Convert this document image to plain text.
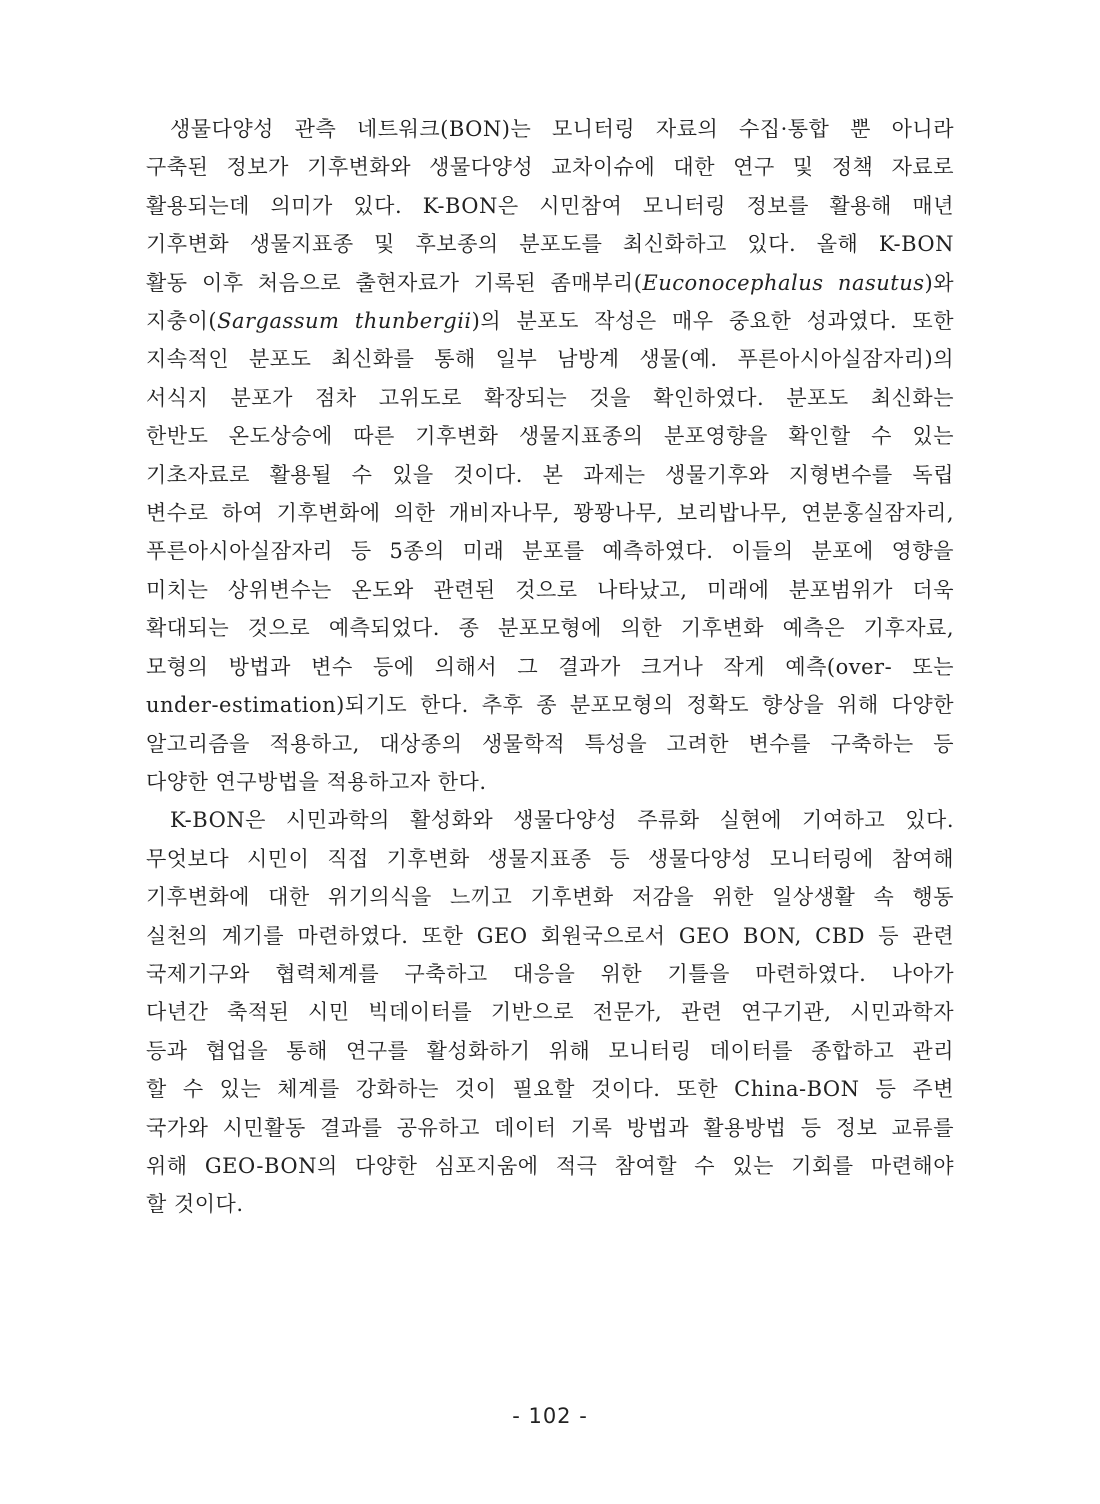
생물다양성 관측 네트워크(BON)는 모니터링 자료의 수집·통합 뿐 아니라
구축된 정보가 기후변화와 생물다양성 교차이슈에 대한 연구 및 정책 자료로
활용되는데 의미가 있다. K-BON은 시민참여 모니터링 정보를 활용해 매년
기후변화 생물지표종 및 후보종의 분포도를 최신화하고 있다. 올해 K-BON
활동 이후 처음으로 출현자료가 기록된 좀매부리(Euconocephalus nasutus)와
지충이(Sargassum thunbergii)의 분포도 작성은 매우 중요한 성과였다. 또한
지속적인 분포도 최신화를 통해 일부 남방계 생물(예. 푸른아시아실잠자리)의
서식지 분포가 점차 고위도로 확장되는 것을 확인하였다. 분포도 최신화는
한반도 온도상승에 따른 기후변화 생물지표종의 분포영향을 확인할 수 있는
기초자료로 활용될 수 있을 것이다. 본 과제는 생물기후와 지형변수를 독립
변수로 하여 기후변화에 의한 개비자나무, 꽝꽝나무, 보리밥나무, 연분홍실잠자리,
푸른아시아실잠자리 등 5종의 미래 분포를 예측하였다. 이들의 분포에 영향을
미치는 상위변수는 온도와 관련된 것으로 나타났고, 미래에 분포범위가 더욱
확대되는 것으로 예측되었다. 종 분포모형에 의한 기후변화 예측은 기후자료,
모형의 방법과 변수 등에 의해서 그 결과가 크거나 작게 예측(over- 또는
under-estimation)되기도 한다. 추후 종 분포모형의 정확도 향상을 위해 다양한
알고리즘을 적용하고, 대상종의 생물학적 특성을 고려한 변수를 구축하는 등
다양한 연구방법을 적용하고자 한다.
K-BON은 시민과학의 활성화와 생물다양성 주류화 실현에 기여하고 있다.
무엇보다 시민이 직접 기후변화 생물지표종 등 생물다양성 모니터링에 참여해
기후변화에 대한 위기의식을 느끼고 기후변화 저감을 위한 일상생활 속 행동
실천의 계기를 마련하였다. 또한 GEO 회원국으로서 GEO BON, CBD 등 관련
국제기구와 협력체계를 구축하고 대응을 위한 기틀을 마련하였다. 나아가
다년간 축적된 시민 빅데이터를 기반으로 전문가, 관련 연구기관, 시민과학자
등과 협업을 통해 연구를 활성화하기 위해 모니터링 데이터를 종합하고 관리
할 수 있는 체계를 강화하는 것이 필요할 것이다. 또한 China-BON 등 주변
국가와 시민활동 결과를 공유하고 데이터 기록 방법과 활용방법 등 정보 교류를
위해 GEO-BON의 다양한 심포지움에 적극 참여할 수 있는 기회를 마련해야
할 것이다.
- 102 -
